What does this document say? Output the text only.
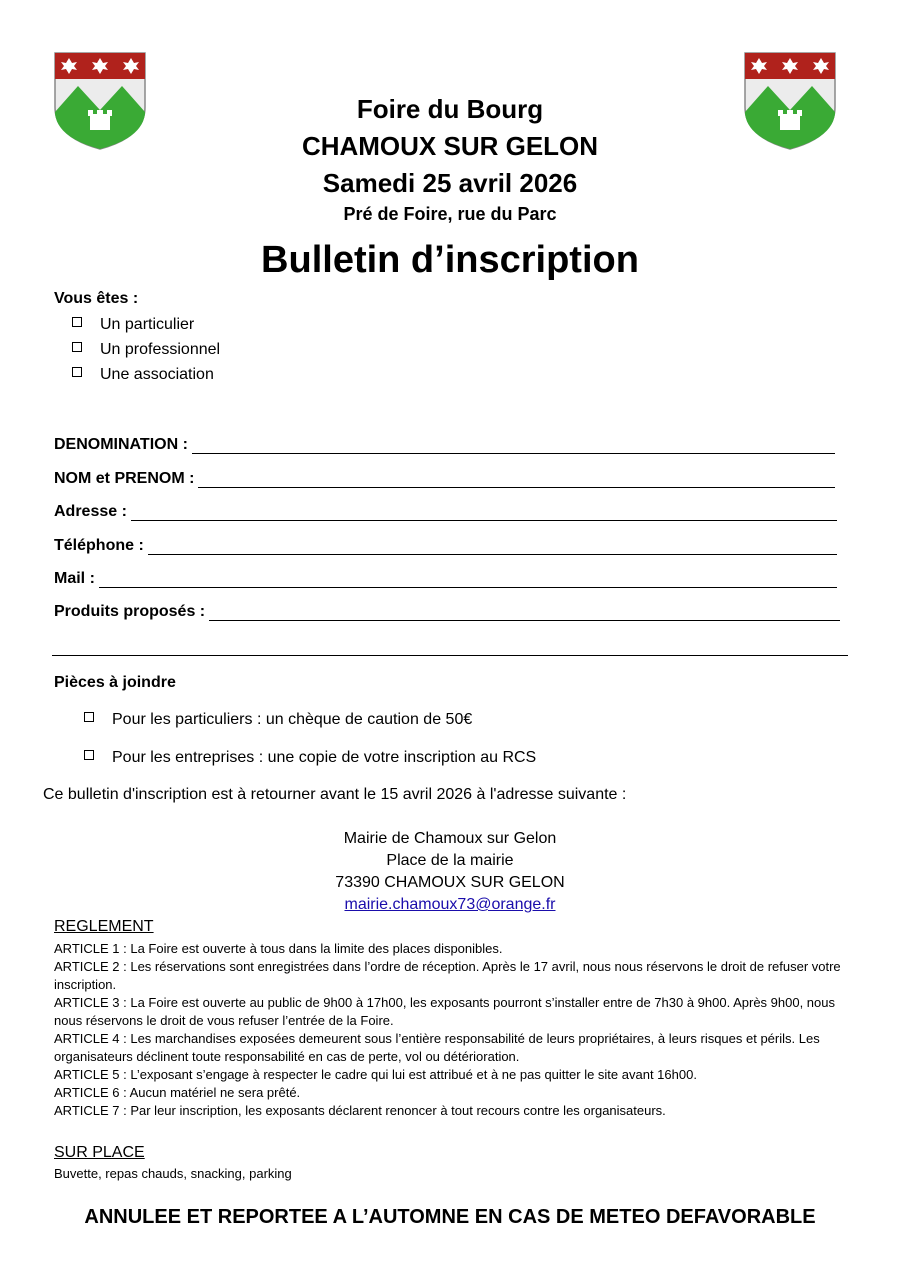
Foire du Bourg
CHAMOUX SUR GELON
Samedi 25 avril 2026
Pré de Foire, rue du Parc
Bulletin d’inscription
Vous êtes :
Un particulier
Un professionnel
Une association
DENOMINATION :
NOM et PRENOM :
Adresse :
Téléphone :
Mail :
Produits proposés :
Pièces à joindre
Pour les particuliers : un chèque de caution de 50€
Pour les entreprises : une copie de votre inscription au RCS
Ce bulletin d'inscription est à retourner avant le 15 avril 2026 à l'adresse suivante :
Mairie de Chamoux sur Gelon
Place de la mairie
73390 CHAMOUX SUR GELON
mairie.chamoux73@orange.fr
REGLEMENT
ARTICLE 1 : La Foire est ouverte à tous dans la limite des places disponibles.
ARTICLE 2 : Les réservations sont enregistrées dans l’ordre de réception. Après le 17 avril, nous nous réservons le droit de refuser votre inscription.
ARTICLE 3 : La Foire est ouverte au public de 9h00 à 17h00, les exposants pourront s’installer entre de 7h30 à 9h00. Après 9h00, nous nous réservons le droit de vous refuser l’entrée de la Foire.
ARTICLE 4 : Les marchandises exposées demeurent sous l’entière responsabilité de leurs propriétaires, à leurs risques et périls. Les organisateurs déclinent toute responsabilité en cas de perte, vol ou détérioration.
ARTICLE 5 : L’exposant s’engage à respecter le cadre qui lui est attribué et à ne pas quitter le site avant 16h00.
ARTICLE 6 : Aucun matériel ne sera prêté.
ARTICLE 7 : Par leur inscription, les exposants déclarent renoncer à tout recours contre les organisateurs.
SUR PLACE
Buvette, repas chauds, snacking, parking
ANNULEE ET REPORTEE A L’AUTOMNE EN CAS DE METEO DEFAVORABLE
